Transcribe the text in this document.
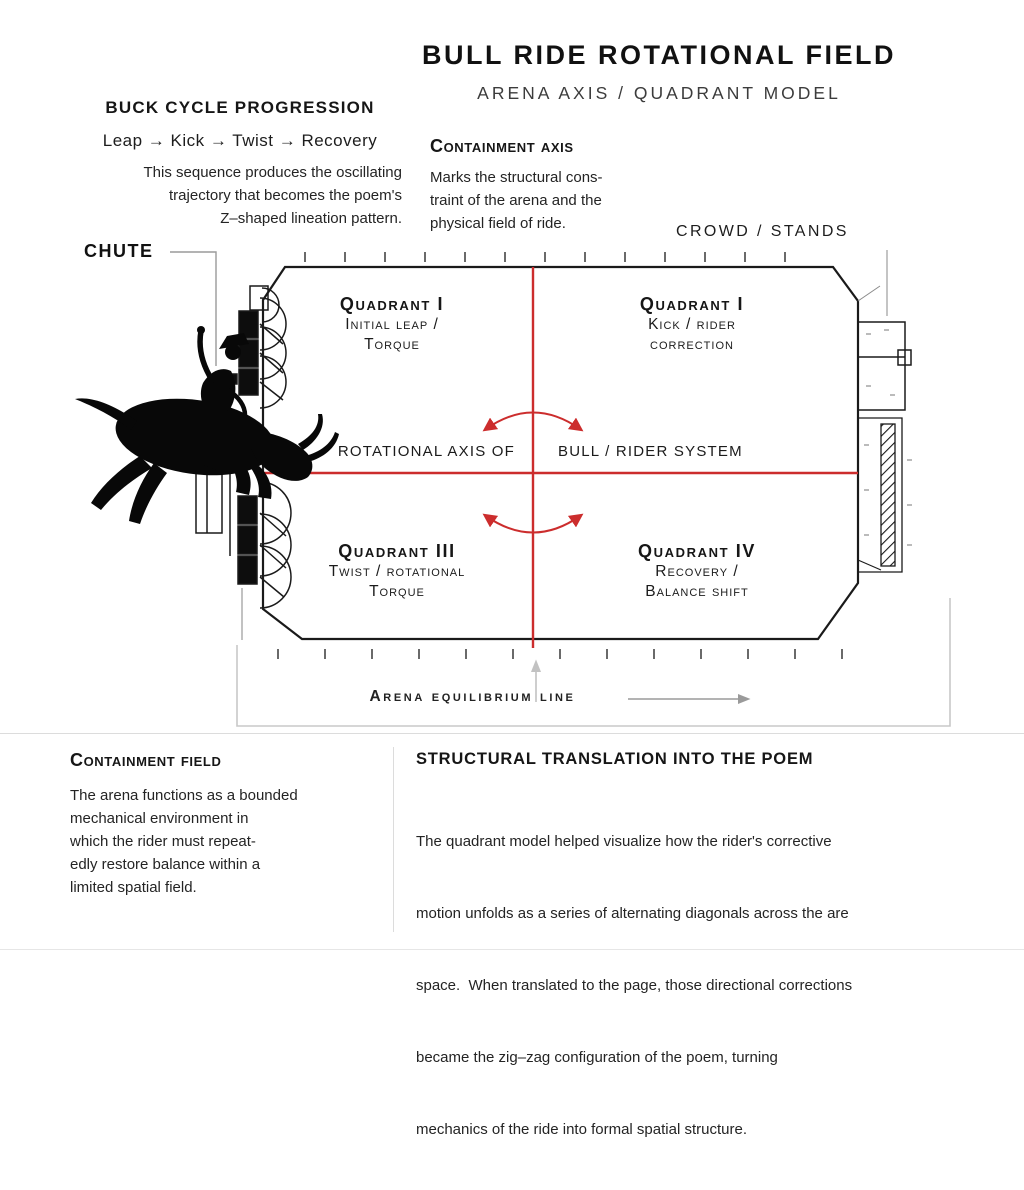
BULL RIDE ROTATIONAL FIELD
ARENA AXIS / QUADRANT MODEL
BUCK CYCLE PROGRESSION
Leap → Kick → Twist → Recovery
This sequence produces the oscillating
trajectory that becomes the poem's
Z–shaped lineation pattern.
Containment axis
Marks the structural cons-
traint of the arena and the
physical field of ride.	CROWD / STANDS
CHUTE
Quadrant I
Initial leap /
Torque
Quadrant I
Kick / rider
correction
Quadrant III
Twist / rotational
Torque
Quadrant IV
Recovery /
Balance shift
ROTATIONAL AXIS OF	BULL / RIDER SYSTEM
Arena equilibrium line
Containment field
The arena functions as a bounded
mechanical environment in
which the rider must repeat-
edly restore balance within a
limited spatial field.
STRUCTURAL TRANSLATION INTO THE POEM

The quadrant model helped visualize how the rider's corrective

motion unfolds as a series of alternating diagonals across the are

space.  When translated to the page, those directional corrections

became the zig–zag configuration of the poem, turning

mechanics of the ride into formal spatial structure.
